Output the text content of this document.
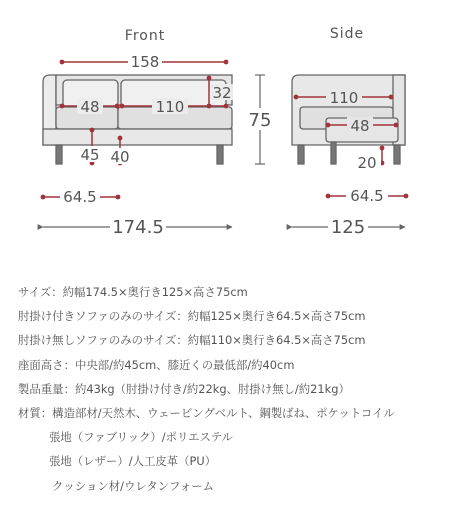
Front
158
48	110
32
45 40
64.5
174.5
75
Side
110
48
20
64.5
125
サイズ：約幅174.5×奥行き125×高さ75cm
肘掛け付きソファのみのサイズ：約幅125×奥行き64.5×高さ75cm
肘掛け無しソファのみのサイズ：約幅110×奥行き64.5×高さ75cm
座面高さ：中央部/約45cm、膝近くの最低部/約40cm
製品重量：約43kg（肘掛け付き/約22kg、肘掛け無し/約21kg）
材質：構造部材/天然木、ウェービングベルト、鋼製ばね、ポケットコイル
張地（ファブリック）/ポリエステル
張地（レザー）/人工皮革（PU）
クッション材/ウレタンフォーム
